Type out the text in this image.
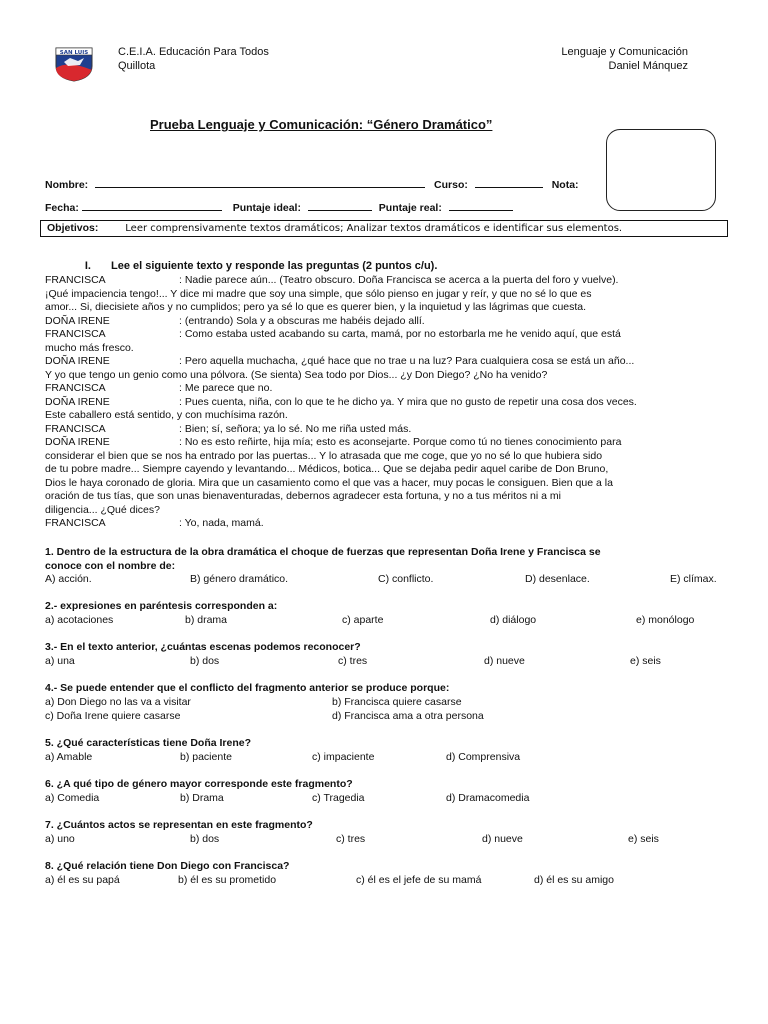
SAN LUIS	C.E.I.A. Educación Para Todos
Quillota
Lenguaje y Comunicación
Daniel Mánquez
Prueba Lenguaje y Comunicación: “Género Dramático”
Nombre:	Curso:	Nota:
Fecha:	Puntaje ideal:	Puntaje real:
Objetivos:	Leer comprensivamente textos dramáticos; Analizar textos dramáticos e identificar sus elementos.
I. Lee el siguiente texto y responde las preguntas (2 puntos c/u).

FRANCISCA	: Nadie parece aún... (Teatro obscuro. Doña Francisca se acerca a la puerta del foro y vuelve).

¡Qué impaciencia tengo!... Y dice mi madre que soy una simple, que sólo pienso en jugar y reír, y que no sé lo que es

amor... Si, diecisiete años y no cumplidos; pero ya sé lo que es querer bien, y la inquietud y las lágrimas que cuesta.

DOÑA IRENE	: (entrando) Sola y a obscuras me habéis dejado allí.

FRANCISCA	: Como estaba usted acabando su carta, mamá, por no estorbarla me he venido aquí, que está

mucho más fresco.

DOÑA IRENE	: Pero aquella muchacha, ¿qué hace que no trae u na luz? Para cualquiera cosa se está un año...

Y yo que tengo un genio como una pólvora. (Se sienta) Sea todo por Dios... ¿y Don Diego? ¿No ha venido?

FRANCISCA	: Me parece que no.

DOÑA IRENE	: Pues cuenta, niña, con lo que te he dicho ya. Y mira que no gusto de repetir una cosa dos veces.

Este caballero está sentido, y con muchísima razón.

FRANCISCA	: Bien; sí, señora; ya lo sé. No me riña usted más.

DOÑA IRENE	: No es esto reñirte, hija mía; esto es aconsejarte. Porque como tú no tienes conocimiento para

considerar el bien que se nos ha entrado por las puertas... Y lo atrasada que me coge, que yo no sé lo que hubiera sido

de tu pobre madre... Siempre cayendo y levantando... Médicos, botica... Que se dejaba pedir aquel caribe de Don Bruno,

Dios le haya coronado de gloria. Mira que un casamiento como el que vas a hacer, muy pocas le consiguen. Bien que a la

oración de tus tías, que son unas bienaventuradas, debernos agradecer esta fortuna, y no a tus méritos ni a mi

diligencia... ¿Qué dices?

FRANCISCA	: Yo, nada, mamá.

1. Dentro de la estructura de la obra dramática el choque de fuerzas que representan Doña Irene y Francisca se
conoce con el nombre de:
A) acción.	B) género dramático.	C) conflicto.	D) desenlace.	E) clímax.
2.- expresiones en paréntesis corresponden a:
a) acotaciones	b) drama	c) aparte	d) diálogo	e) monólogo
3.- En el texto anterior, ¿cuántas escenas podemos reconocer?
a) una	b) dos	c) tres	d) nueve	e) seis
4.- Se puede entender que el conflicto del fragmento anterior se produce porque:
a) Don Diego no las va a visitar	b) Francisca quiere casarse
c) Doña Irene quiere casarse	d) Francisca ama a otra persona
5. ¿Qué características tiene Doña Irene?
a) Amable	b) paciente	c) impaciente	d) Comprensiva
6. ¿A qué tipo de género mayor corresponde este fragmento?
a) Comedia	b) Drama	c) Tragedia	d) Dramacomedia
7. ¿Cuántos actos se representan en este fragmento?
a) uno	b) dos	c) tres	d) nueve	e) seis
8. ¿Qué relación tiene Don Diego con Francisca?
a) él es su papá	b) él es su prometido	c) él es el jefe de su mamá	d) él es su amigo
